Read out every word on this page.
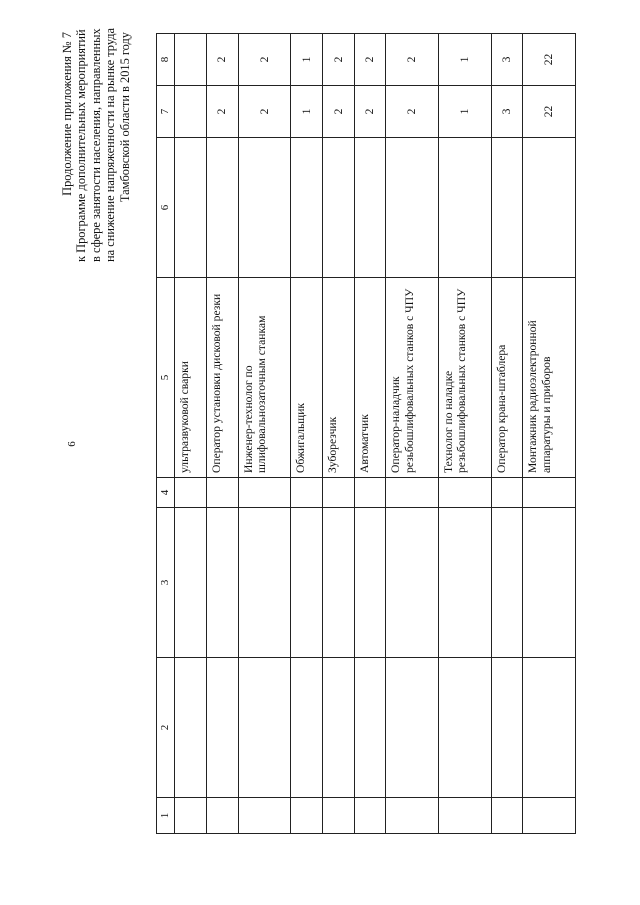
6
Продолжение приложения № 7 к Программе дополнительных мероприятий в сфере занятости населения, направленных на снижение напряженности на рынке труда Тамбовской области в 2015 году
1	2	3	4	5	6	7	8
				ультразвуковой сварки			
				Оператор установки дисковой резки		2	2
				Инженер-технолог по шлифовальнозаточным станкам		2	2
				Обжигальщик		1	1
				Зуборезчик		2	2
				Автоматчик		2	2
				Оператор-наладчик резьбошлифовальных станков с ЧПУ		2	2
				Технолог по наладке резьбошлифовальных станков с ЧПУ		1	1
				Оператор крана-штаблера		3	3
				Монтажник радиоэлектронной аппаратуры и приборов		22	22
